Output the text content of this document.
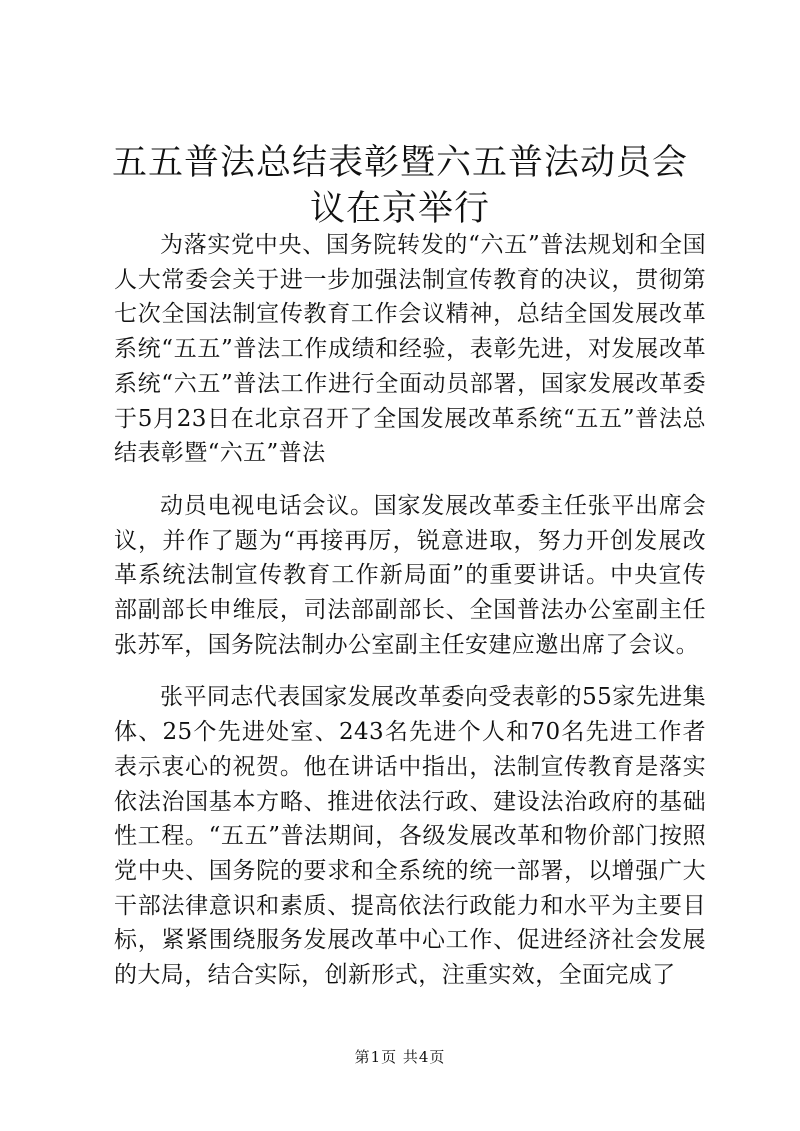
五五普法总结表彰暨六五普法动员会议在京举行

为落实党中央、国务院转发的“六五”普法规划和全国人大常委会关于进一步加强法制宣传教育的决议，贯彻第七次全国法制宣传教育工作会议精神，总结全国发展改革系统“五五”普法工作成绩和经验，表彰先进，对发展改革系统“六五”普法工作进行全面动员部署，国家发展改革委于5月23日在北京召开了全国发展改革系统“五五”普法总结表彰暨“六五”普法

动员电视电话会议。国家发展改革委主任张平出席会议，并作了题为“再接再厉，锐意进取，努力开创发展改革系统法制宣传教育工作新局面”的重要讲话。中央宣传部副部长申维辰，司法部副部长、全国普法办公室副主任张苏军，国务院法制办公室副主任安建应邀出席了会议。

张平同志代表国家发展改革委向受表彰的55家先进集体、25个先进处室、243名先进个人和70名先进工作者表示衷心的祝贺。他在讲话中指出，法制宣传教育是落实依法治国基本方略、推进依法行政、建设法治政府的基础性工程。“五五”普法期间，各级发展改革和物价部门按照党中央、国务院的要求和全系统的统一部署，以增强广大干部法律意识和素质、提高依法行政能力和水平为主要目标，紧紧围绕服务发展改革中心工作、促进经济社会发展的大局，结合实际，创新形式，注重实效，全面完成了

第1页 共4页
